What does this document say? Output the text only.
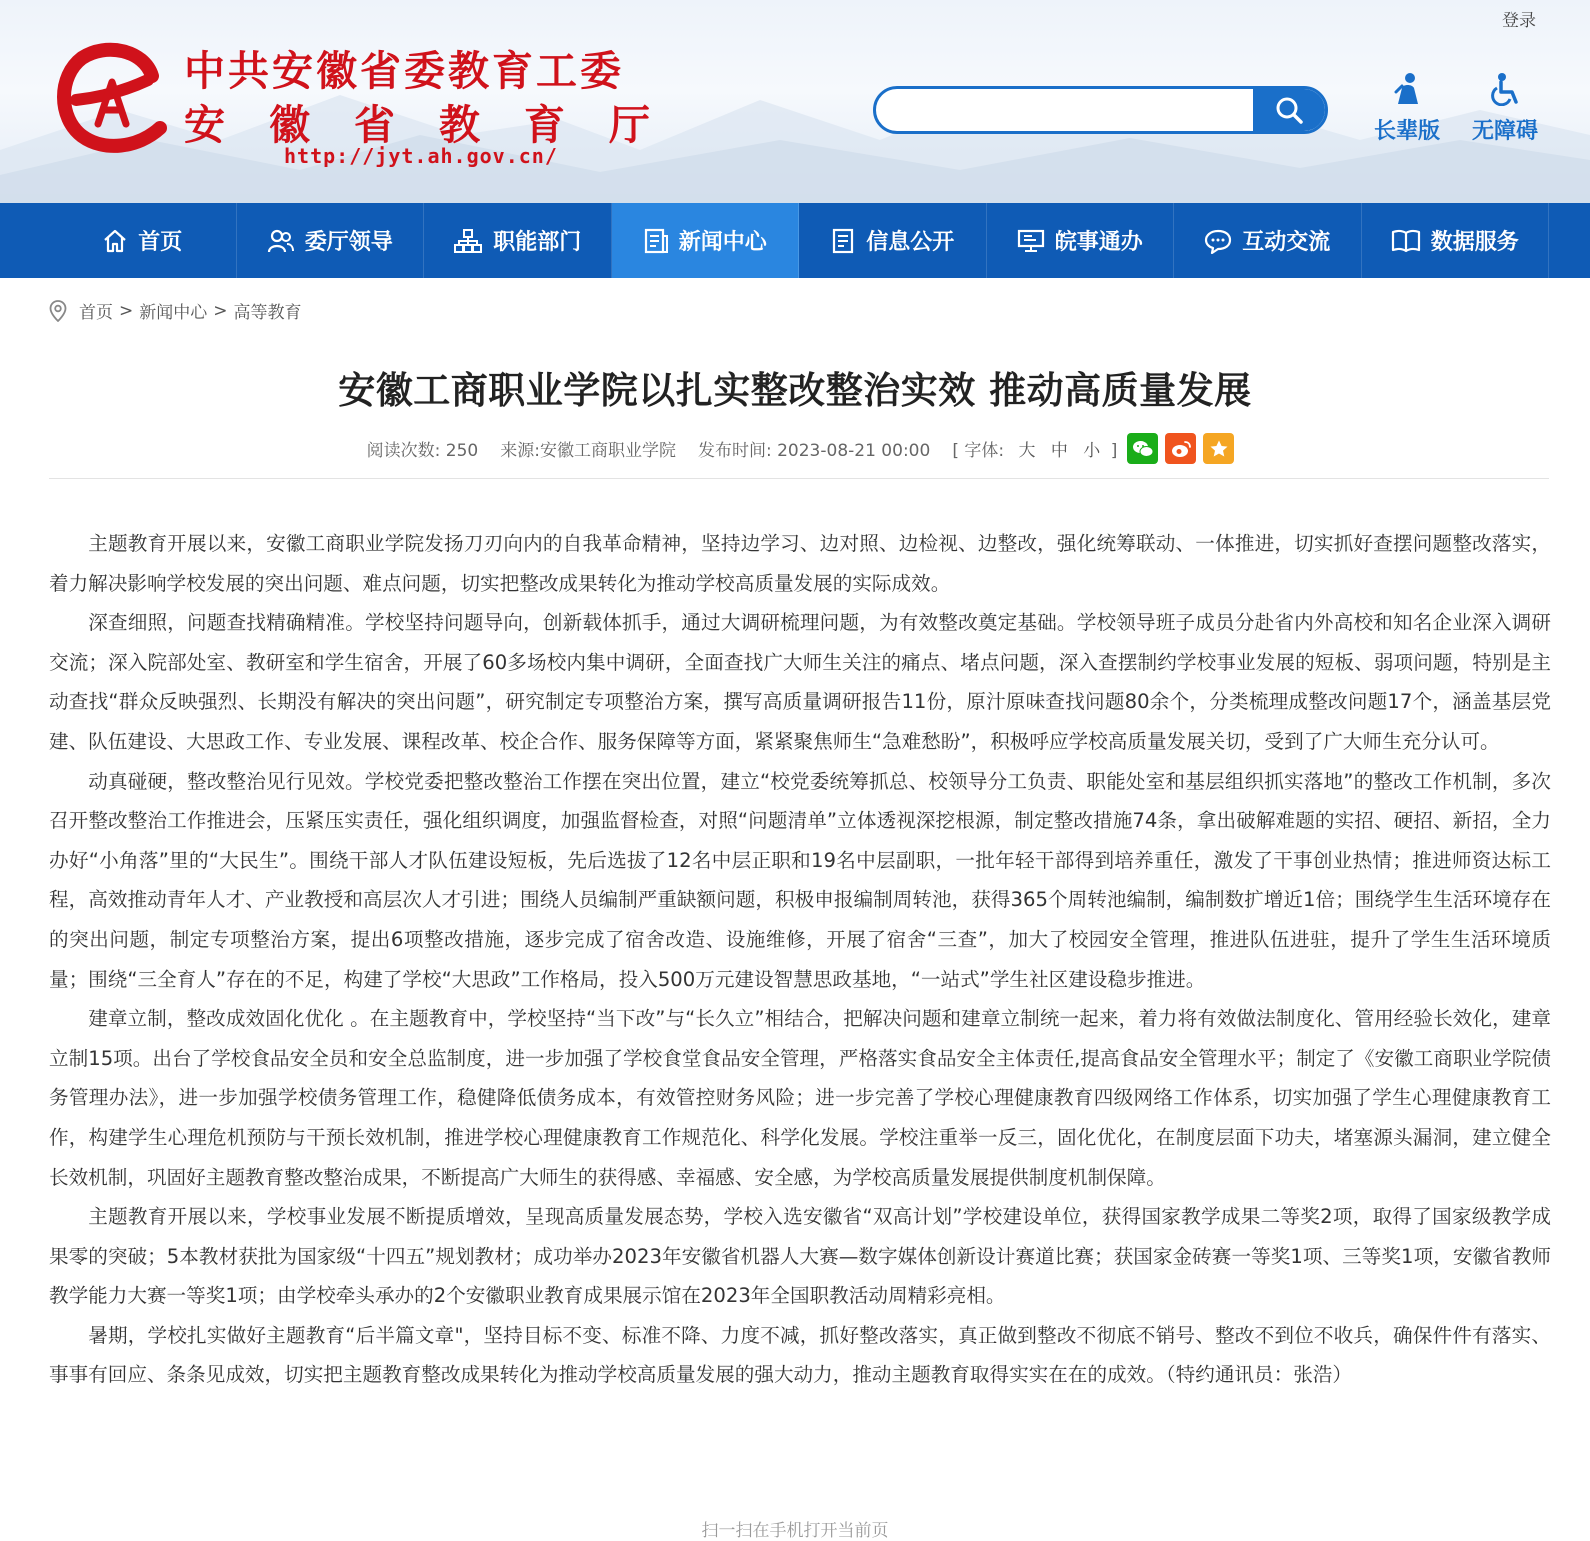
登录
中共安徽省委教育工委
安徽省教育厅
http://jyt.ah.gov.cn/
长辈版	无障碍
首页	委厅领导	职能部门	新闻中心	信息公开	皖事通办	互动交流	数据服务
首页 > 新闻中心 > 高等教育
安徽工商职业学院以扎实整改整治实效 推动高质量发展
阅读次数: 250 来源:安徽工商职业学院 发布时间: 2023-08-21 00:00 [ 字体: 大 中 小 ]

主题教育开展以来，安徽工商职业学院发扬刀刃向内的自我革命精神，坚持边学习、边对照、边检视、边整改，强化统筹联动、一体推进，切实抓好查摆问题整改落实，着力解决影响学校发展的突出问题、难点问题，切实把整改成果转化为推动学校高质量发展的实际成效。

深查细照，问题查找精确精准。学校坚持问题导向，创新载体抓手，通过大调研梳理问题，为有效整改奠定基础。学校领导班子成员分赴省内外高校和知名企业深入调研交流；深入院部处室、教研室和学生宿舍，开展了60多场校内集中调研，全面查找广大师生关注的痛点、堵点问题，深入查摆制约学校事业发展的短板、弱项问题，特别是主动查找“群众反映强烈、长期没有解决的突出问题”，研究制定专项整治方案，撰写高质量调研报告11份，原汁原味查找问题80余个，分类梳理成整改问题17个，涵盖基层党建、队伍建设、大思政工作、专业发展、课程改革、校企合作、服务保障等方面，紧紧聚焦师生“急难愁盼”，积极呼应学校高质量发展关切，受到了广大师生充分认可。

动真碰硬，整改整治见行见效。学校党委把整改整治工作摆在突出位置，建立“校党委统筹抓总、校领导分工负责、职能处室和基层组织抓实落地”的整改工作机制，多次召开整改整治工作推进会，压紧压实责任，强化组织调度，加强监督检查，对照“问题清单”立体透视深挖根源，制定整改措施74条，拿出破解难题的实招、硬招、新招，全力办好“小角落”里的“大民生”。围绕干部人才队伍建设短板，先后选拔了12名中层正职和19名中层副职，一批年轻干部得到培养重任，激发了干事创业热情；推进师资达标工程，高效推动青年人才、产业教授和高层次人才引进；围绕人员编制严重缺额问题，积极申报编制周转池，获得365个周转池编制，编制数扩增近1倍；围绕学生生活环境存在的突出问题，制定专项整治方案，提出6项整改措施，逐步完成了宿舍改造、设施维修，开展了宿舍“三查”，加大了校园安全管理，推进队伍进驻，提升了学生生活环境质量；围绕“三全育人”存在的不足，构建了学校“大思政”工作格局，投入500万元建设智慧思政基地，“一站式”学生社区建设稳步推进。

建章立制，整改成效固化优化 。在主题教育中，学校坚持“当下改”与“长久立”相结合，把解决问题和建章立制统一起来，着力将有效做法制度化、管用经验长效化，建章立制15项。出台了学校食品安全员和安全总监制度，进一步加强了学校食堂食品安全管理，严格落实食品安全主体责任,提高食品安全管理水平；制定了《安徽工商职业学院债务管理办法》，进一步加强学校债务管理工作，稳健降低债务成本，有效管控财务风险；进一步完善了学校心理健康教育四级网络工作体系，切实加强了学生心理健康教育工作，构建学生心理危机预防与干预长效机制，推进学校心理健康教育工作规范化、科学化发展。学校注重举一反三，固化优化，在制度层面下功夫，堵塞源头漏洞，建立健全长效机制，巩固好主题教育整改整治成果，不断提高广大师生的获得感、幸福感、安全感，为学校高质量发展提供制度机制保障。

主题教育开展以来，学校事业发展不断提质增效，呈现高质量发展态势，学校入选安徽省“双高计划”学校建设单位，获得国家教学成果二等奖2项，取得了国家级教学成果零的突破；5本教材获批为国家级“十四五”规划教材；成功举办2023年安徽省机器人大赛—数字媒体创新设计赛道比赛；获国家金砖赛一等奖1项、三等奖1项，安徽省教师教学能力大赛一等奖1项；由学校牵头承办的2个安徽职业教育成果展示馆在2023年全国职教活动周精彩亮相。

暑期，学校扎实做好主题教育“后半篇文章"，坚持目标不变、标准不降、力度不减，抓好整改落实，真正做到整改不彻底不销号、整改不到位不收兵，确保件件有落实、事事有回应、条条见成效，切实把主题教育整改成果转化为推动学校高质量发展的强大动力，推动主题教育取得实实在在的成效。（特约通讯员：张浩）

扫一扫在手机打开当前页
